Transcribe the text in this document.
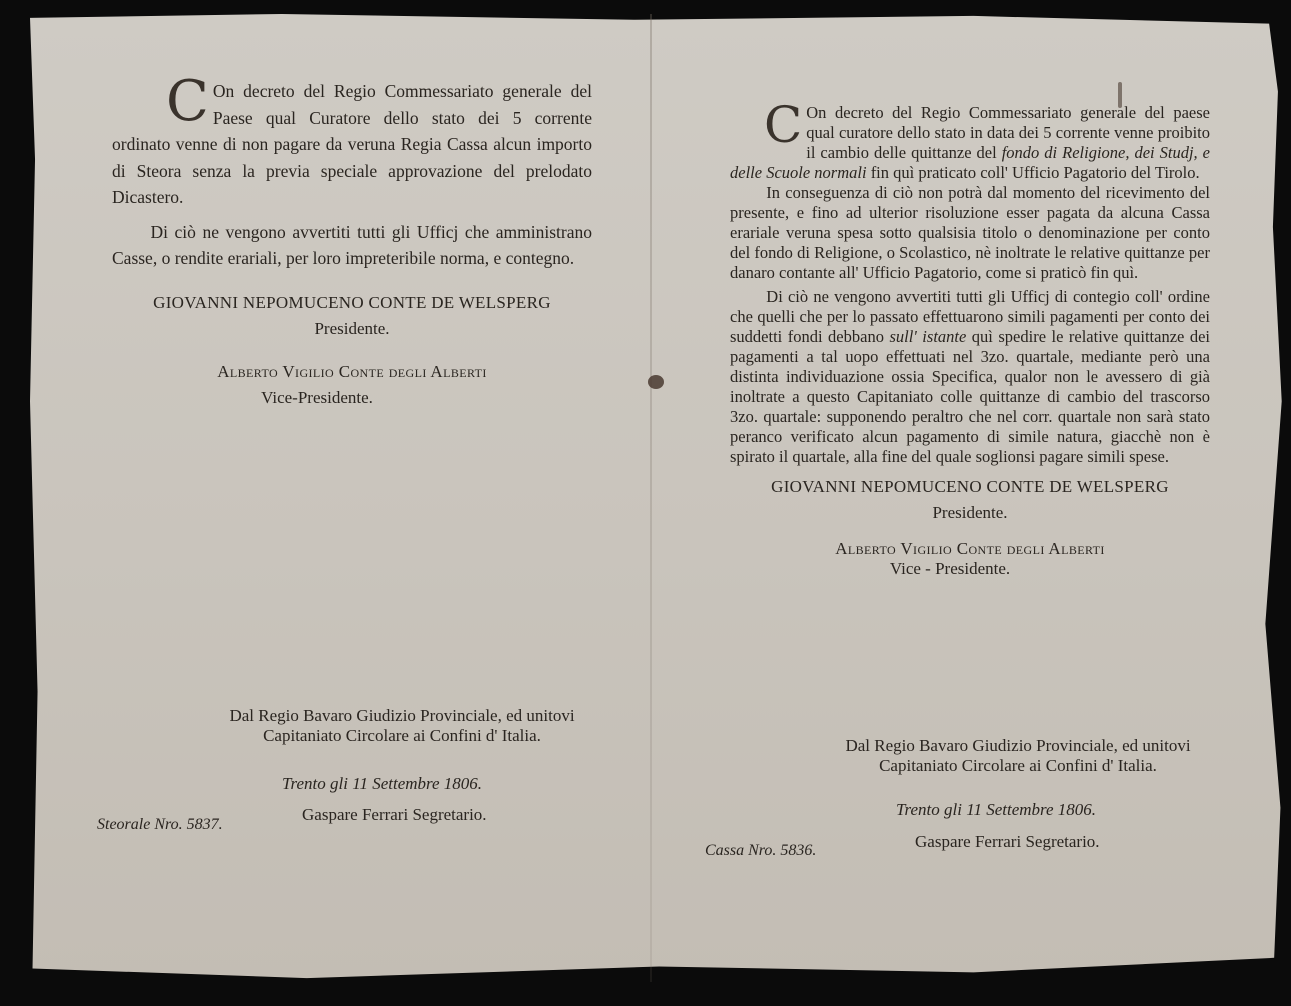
C On decreto del Regio Commessariato generale del Paese qual Curatore dello stato dei 5 corrente ordinato venne di non pagare da veruna Regia Cassa alcun importo di Steora senza la previa speciale approvazione del prelodato Dicastero.

Di ciò ne vengono avvertiti tutti gli Ufficj che amministrano Casse, o rendite erariali, per loro impreteribile norma, e contegno.

GIOVANNI NEPOMUCENO CONTE DE WELSPERG
Presidente.
Alberto Vigilio Conte degli Alberti
Vice-Presidente.
Dal Regio Bavaro Giudizio Provinciale, ed unitovi Capitaniato Circolare ai Confini d' Italia.
Trento gli 11 Settembre 1806.
Gaspare Ferrari Segretario.
Steorale Nro. 5837.
C On decreto del Regio Commessariato generale del paese qual curatore dello stato in data dei 5 corrente venne proibito il cambio delle quittanze del fondo di Religione, dei Studj, e delle Scuole normali fin quì praticato coll' Ufficio Pagatorio del Tirolo.

In conseguenza di ciò non potrà dal momento del ricevimento del presente, e fino ad ulterior risoluzione esser pagata da alcuna Cassa erariale veruna spesa sotto qualsisia titolo o denominazione per conto del fondo di Religione, o Scolastico, nè inoltrate le relative quittanze per danaro contante all' Ufficio Pagatorio, come si praticò fin quì.

Di ciò ne vengono avvertiti tutti gli Ufficj di contegio coll' ordine che quelli che per lo passato effettuarono simili pagamenti per conto dei suddetti fondi debbano sull' istante quì spedire le relative quittanze dei pagamenti a tal uopo effettuati nel 3zo. quartale, mediante però una distinta individuazione ossia Specifica, qualor non le avessero di già inoltrate a questo Capitaniato colle quittanze di cambio del trascorso 3zo. quartale: supponendo peraltro che nel corr. quartale non sarà stato peranco verificato alcun pagamento di simile natura, giacchè non è spirato il quartale, alla fine del quale soglionsi pagare simili spese.

GIOVANNI NEPOMUCENO CONTE DE WELSPERG
Presidente.
Alberto Vigilio Conte degli Alberti
Vice - Presidente.
Dal Regio Bavaro Giudizio Provinciale, ed unitovi Capitaniato Circolare ai Confini d' Italia.
Trento gli 11 Settembre 1806.
Gaspare Ferrari Segretario.
Cassa Nro. 5836.
